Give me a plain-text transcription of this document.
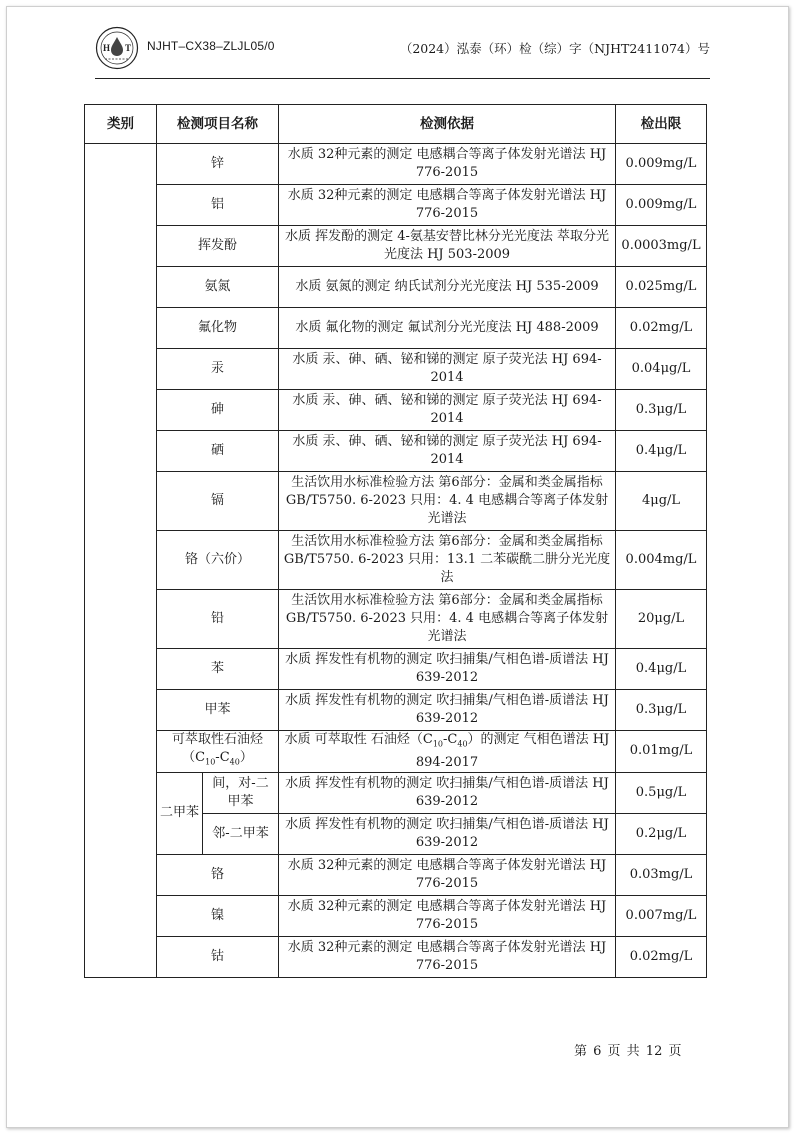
H T NJHT–CX38–ZLJL05/0	（2024）泓泰（环）检（综）字（NJHT2411074）号
类别	检测项目名称		检测依据	检出限
	锌		水质 32种元素的测定 电感耦合等离子体发射光谱法 HJ 776-2015	0.009mg/L
	铝		水质 32种元素的测定 电感耦合等离子体发射光谱法 HJ 776-2015	0.009mg/L
	挥发酚		水质 挥发酚的测定 4-氨基安替比林分光光度法 萃取分光光度法 HJ 503-2009	0.0003mg/L
	氨氮		水质 氨氮的测定 纳氏试剂分光光度法 HJ 535-2009	0.025mg/L
	氟化物		水质 氟化物的测定 氟试剂分光光度法 HJ 488-2009	0.02mg/L
	汞		水质 汞、砷、硒、铋和锑的测定 原子荧光法 HJ 694-2014	0.04μg/L
	砷		水质 汞、砷、硒、铋和锑的测定 原子荧光法 HJ 694-2014	0.3μg/L
	硒		水质 汞、砷、硒、铋和锑的测定 原子荧光法 HJ 694-2014	0.4μg/L
	镉		生活饮用水标准检验方法 第6部分：金属和类金属指标 GB/T5750. 6-2023 只用：4. 4 电感耦合等离子体发射光谱法	4μg/L
	铬（六价）		生活饮用水标准检验方法 第6部分：金属和类金属指标 GB/T5750. 6-2023 只用：13.1 二苯碳酰二肼分光光度法	0.004mg/L
	铅		生活饮用水标准检验方法 第6部分：金属和类金属指标 GB/T5750. 6-2023 只用：4. 4 电感耦合等离子体发射光谱法	20μg/L
	苯		水质 挥发性有机物的测定 吹扫捕集/气相色谱-质谱法 HJ 639-2012	0.4μg/L
	甲苯		水质 挥发性有机物的测定 吹扫捕集/气相色谱-质谱法 HJ 639-2012	0.3μg/L
	可萃取性石油烃$(C_{10}-C_{40})$		水质 可萃取性 石油烃$(C_{10}-C_{40})$的测定 气相色谱法 HJ 894-2017	0.01mg/L
	二甲苯	间，对-二甲苯	水质 挥发性有机物的测定 吹扫捕集/气相色谱-质谱法 HJ 639-2012	0.5μg/L
		邻-二甲苯	水质 挥发性有机物的测定 吹扫捕集/气相色谱-质谱法 HJ 639-2012	0.2μg/L
	铬		水质 32种元素的测定 电感耦合等离子体发射光谱法 HJ 776-2015	0.03mg/L
	镍		水质 32种元素的测定 电感耦合等离子体发射光谱法 HJ 776-2015	0.007mg/L
	钴		水质 32种元素的测定 电感耦合等离子体发射光谱法 HJ 776-2015	0.02mg/L
第 6 页 共 12 页
